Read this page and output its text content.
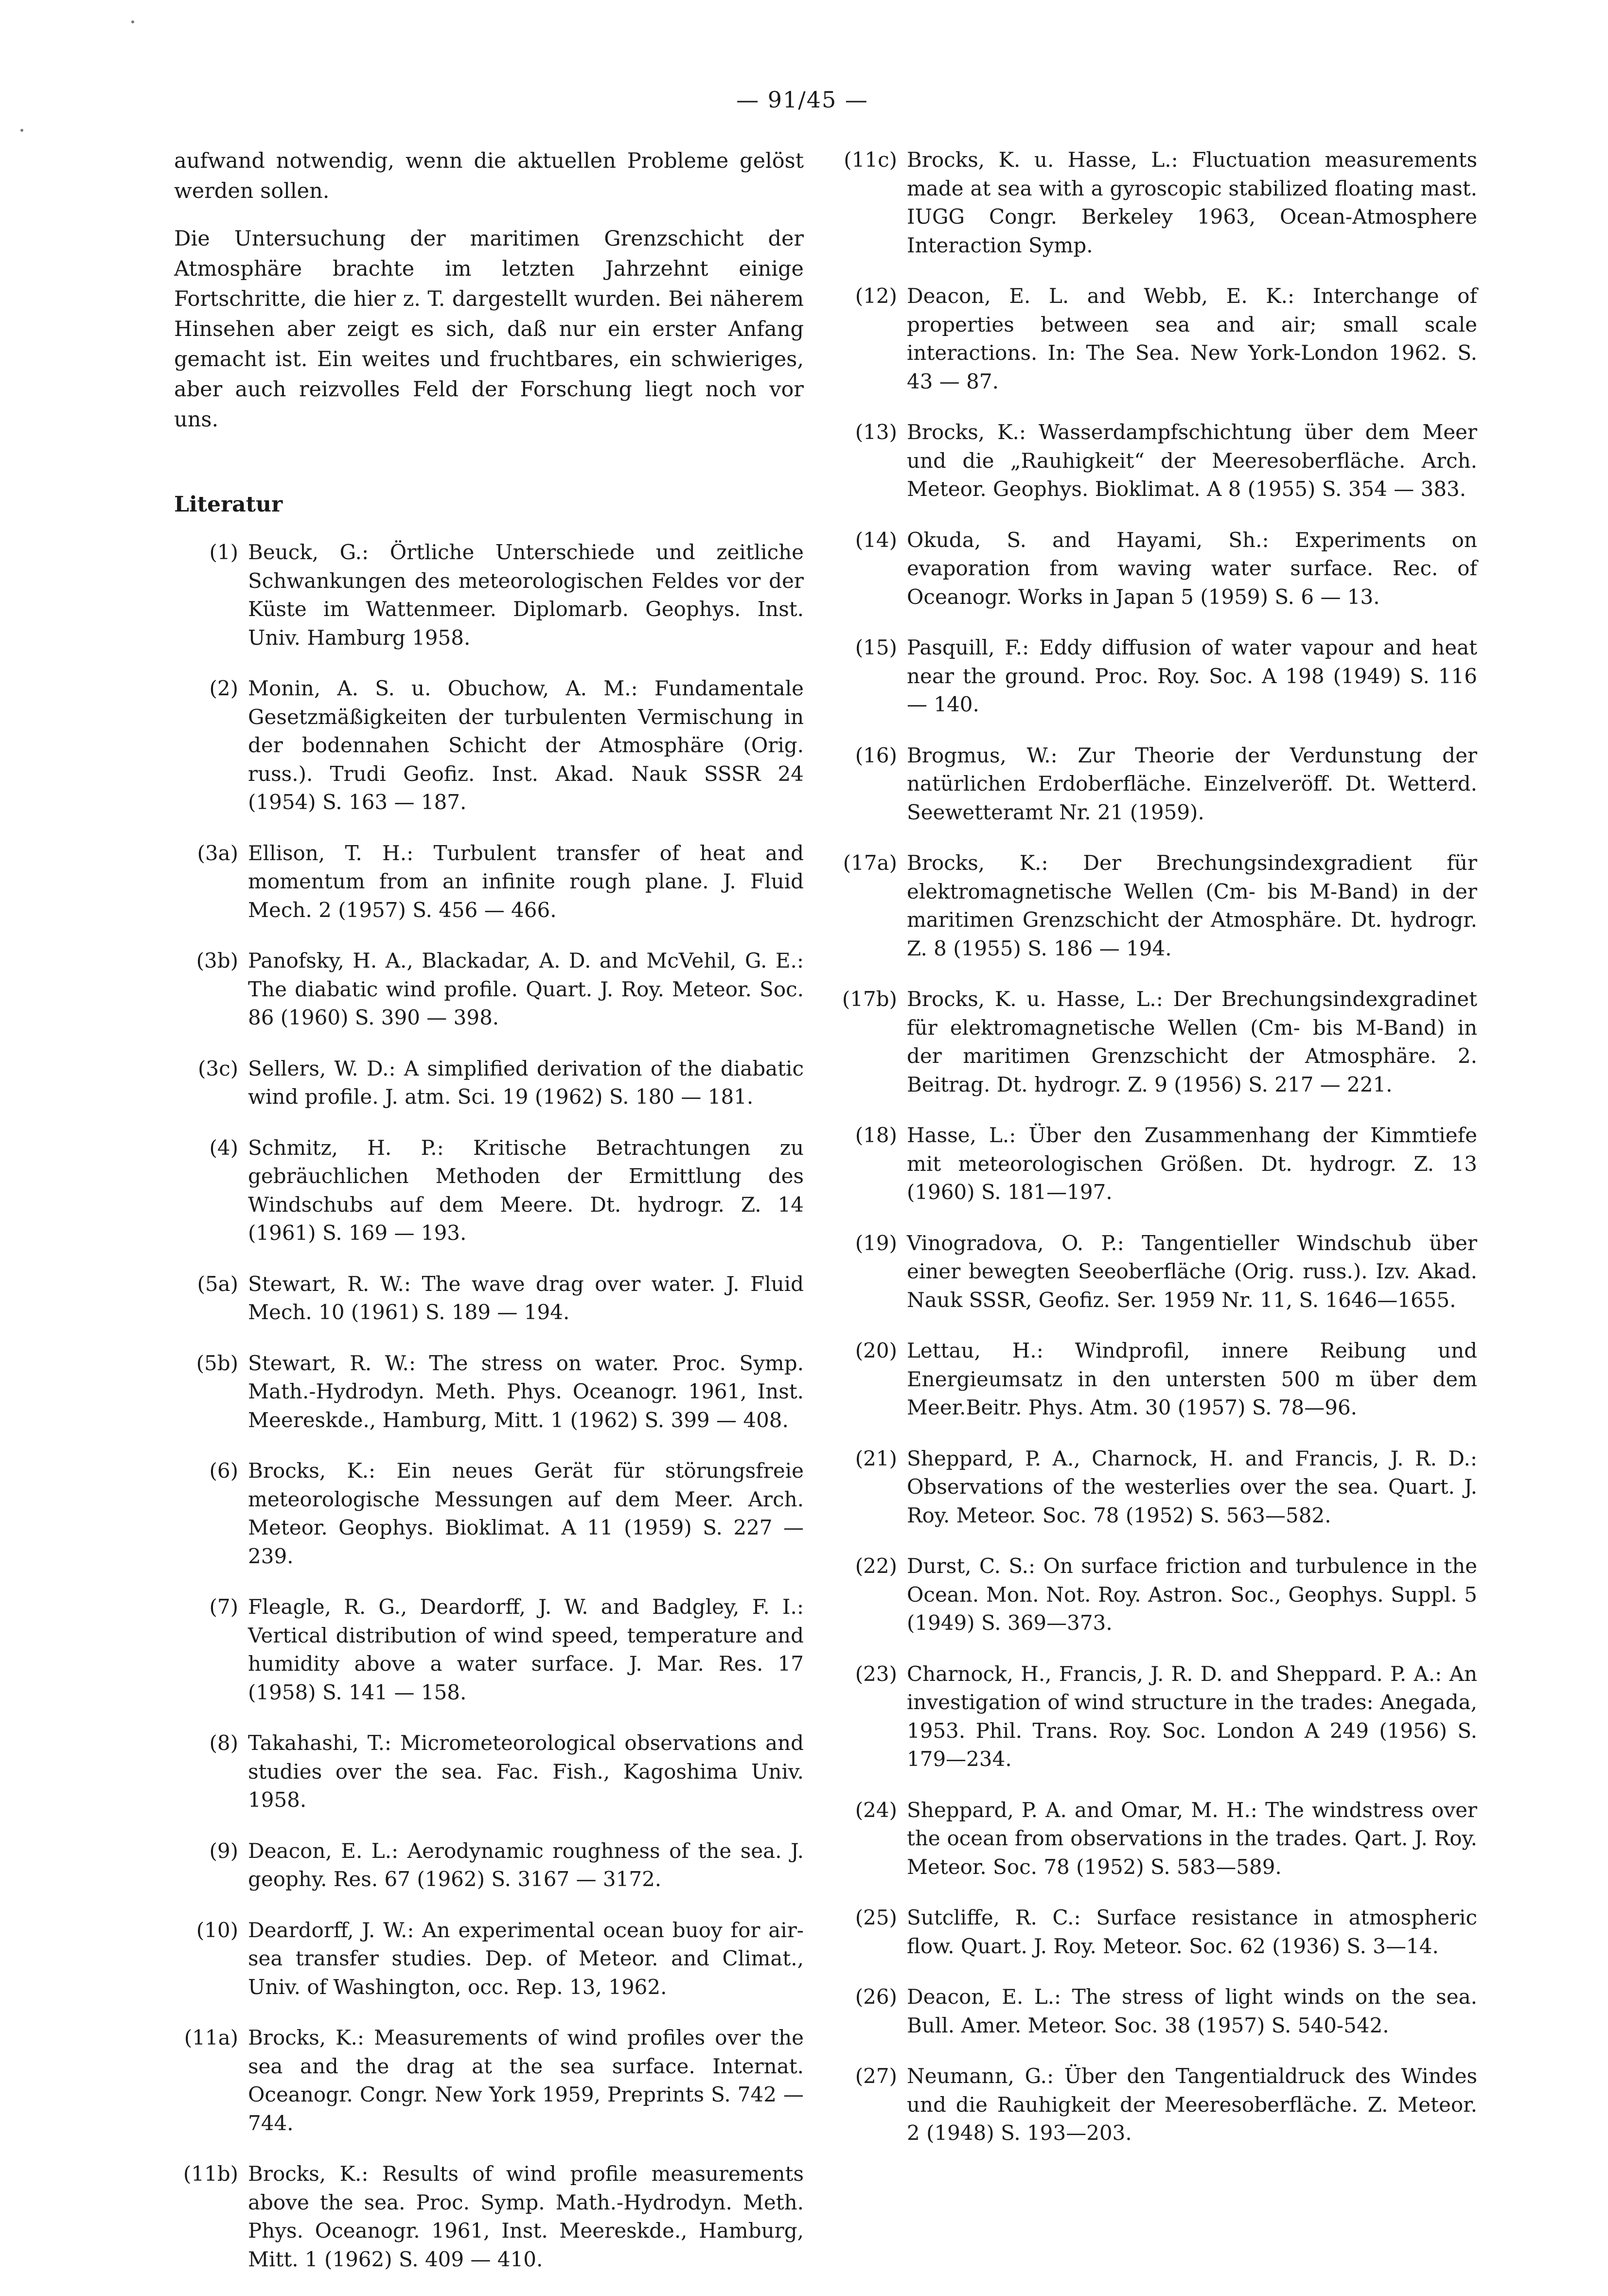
— 91/45 —

aufwand notwendig, wenn die aktuellen Probleme gelöst werden sollen.

Die Untersuchung der maritimen Grenzschicht der Atmosphäre brachte im letzten Jahrzehnt einige Fortschritte, die hier z. T. dargestellt wurden. Bei näherem Hinsehen aber zeigt es sich, daß nur ein erster Anfang gemacht ist. Ein weites und fruchtbares, ein schwieriges, aber auch reizvolles Feld der Forschung liegt noch vor uns.

Literatur
(1) Beuck, G.: Örtliche Unterschiede und zeitliche Schwankungen des meteorologischen Feldes vor der Küste im Wattenmeer. Diplomarb. Geophys. Inst. Univ. Hamburg 1958.
(2) Monin, A. S. u. Obuchow, A. M.: Fundamentale Gesetzmäßigkeiten der turbulenten Vermischung in der bodennahen Schicht der Atmosphäre (Orig. russ.). Trudi Geofiz. Inst. Akad. Nauk SSSR 24 (1954) S. 163 — 187.
(3a) Ellison, T. H.: Turbulent transfer of heat and momentum from an infinite rough plane. J. Fluid Mech. 2 (1957) S. 456 — 466.
(3b) Panofsky, H. A., Blackadar, A. D. and McVehil, G. E.: The diabatic wind profile. Quart. J. Roy. Meteor. Soc. 86 (1960) S. 390 — 398.
(3c) Sellers, W. D.: A simplified derivation of the diabatic wind profile. J. atm. Sci. 19 (1962) S. 180 — 181.
(4) Schmitz, H. P.: Kritische Betrachtungen zu gebräuchlichen Methoden der Ermittlung des Windschubs auf dem Meere. Dt. hydrogr. Z. 14 (1961) S. 169 — 193.
(5a) Stewart, R. W.: The wave drag over water. J. Fluid Mech. 10 (1961) S. 189 — 194.
(5b) Stewart, R. W.: The stress on water. Proc. Symp. Math.-Hydrodyn. Meth. Phys. Oceanogr. 1961, Inst. Meereskde., Hamburg, Mitt. 1 (1962) S. 399 — 408.
(6) Brocks, K.: Ein neues Gerät für störungsfreie meteorologische Messungen auf dem Meer. Arch. Meteor. Geophys. Bioklimat. A 11 (1959) S. 227 — 239.
(7) Fleagle, R. G., Deardorff, J. W. and Badgley, F. I.: Vertical distribution of wind speed, temperature and humidity above a water surface. J. Mar. Res. 17 (1958) S. 141 — 158.
(8) Takahashi, T.: Micrometeorological observations and studies over the sea. Fac. Fish., Kagoshima Univ. 1958.
(9) Deacon, E. L.: Aerodynamic roughness of the sea. J. geophy. Res. 67 (1962) S. 3167 — 3172.
(10) Deardorff, J. W.: An experimental ocean buoy for air-sea transfer studies. Dep. of Meteor. and Climat., Univ. of Washington, occ. Rep. 13, 1962.
(11a) Brocks, K.: Measurements of wind profiles over the sea and the drag at the sea surface. Internat. Oceanogr. Congr. New York 1959, Preprints S. 742 — 744.
(11b) Brocks, K.: Results of wind profile measurements above the sea. Proc. Symp. Math.-Hydrodyn. Meth. Phys. Oceanogr. 1961, Inst. Meereskde., Hamburg, Mitt. 1 (1962) S. 409 — 410.
(11c) Brocks, K. u. Hasse, L.: Fluctuation measurements made at sea with a gyroscopic stabilized floating mast. IUGG Congr. Berkeley 1963, Ocean-Atmosphere Interaction Symp.
(12) Deacon, E. L. and Webb, E. K.: Interchange of properties between sea and air; small scale interactions. In: The Sea. New York-London 1962. S. 43 — 87.
(13) Brocks, K.: Wasserdampfschichtung über dem Meer und die „Rauhigkeit“ der Meeresoberfläche. Arch. Meteor. Geophys. Bioklimat. A 8 (1955) S. 354 — 383.
(14) Okuda, S. and Hayami, Sh.: Experiments on evaporation from waving water surface. Rec. of Oceanogr. Works in Japan 5 (1959) S. 6 — 13.
(15) Pasquill, F.: Eddy diffusion of water vapour and heat near the ground. Proc. Roy. Soc. A 198 (1949) S. 116 — 140.
(16) Brogmus, W.: Zur Theorie der Verdunstung der natürlichen Erdoberfläche. Einzelveröff. Dt. Wetterd. Seewetteramt Nr. 21 (1959).
(17a) Brocks, K.: Der Brechungsindexgradient für elektromagnetische Wellen (Cm- bis M-Band) in der maritimen Grenzschicht der Atmosphäre. Dt. hydrogr. Z. 8 (1955) S. 186 — 194.
(17b) Brocks, K. u. Hasse, L.: Der Brechungsindexgradinet für elektromagnetische Wellen (Cm- bis M-Band) in der maritimen Grenzschicht der Atmosphäre. 2. Beitrag. Dt. hydrogr. Z. 9 (1956) S. 217 — 221.
(18) Hasse, L.: Über den Zusammenhang der Kimmtiefe mit meteorologischen Größen. Dt. hydrogr. Z. 13 (1960) S. 181—197.
(19) Vinogradova, O. P.: Tangentieller Windschub über einer bewegten Seeoberfläche (Orig. russ.). Izv. Akad. Nauk SSSR, Geofiz. Ser. 1959 Nr. 11, S. 1646—1655.
(20) Lettau, H.: Windprofil, innere Reibung und Energieumsatz in den untersten 500 m über dem Meer.Beitr. Phys. Atm. 30 (1957) S. 78—96.
(21) Sheppard, P. A., Charnock, H. and Francis, J. R. D.: Observations of the westerlies over the sea. Quart. J. Roy. Meteor. Soc. 78 (1952) S. 563—582.
(22) Durst, C. S.: On surface friction and turbulence in the Ocean. Mon. Not. Roy. Astron. Soc., Geophys. Suppl. 5 (1949) S. 369—373.
(23) Charnock, H., Francis, J. R. D. and Sheppard. P. A.: An investigation of wind structure in the trades: Anegada, 1953. Phil. Trans. Roy. Soc. London A 249 (1956) S. 179—234.
(24) Sheppard, P. A. and Omar, M. H.: The windstress over the ocean from observations in the trades. Qart. J. Roy. Meteor. Soc. 78 (1952) S. 583—589.
(25) Sutcliffe, R. C.: Surface resistance in atmospheric flow. Quart. J. Roy. Meteor. Soc. 62 (1936) S. 3—14.
(26) Deacon, E. L.: The stress of light winds on the sea. Bull. Amer. Meteor. Soc. 38 (1957) S. 540-542.
(27) Neumann, G.: Über den Tangentialdruck des Windes und die Rauhigkeit der Meeresoberfläche. Z. Meteor. 2 (1948) S. 193—203.
